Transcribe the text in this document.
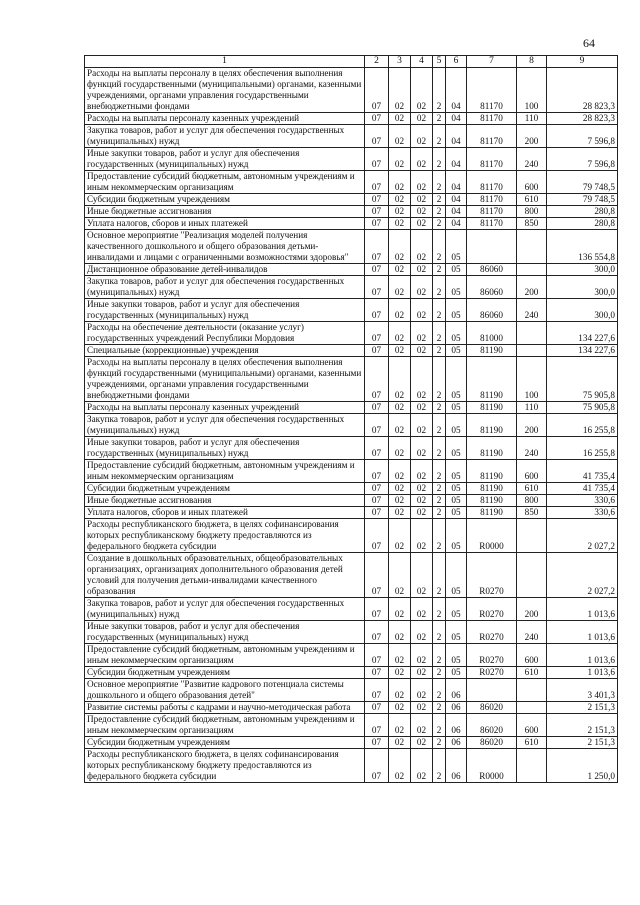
64
1	2	3	4	5	6	7	8	9
Расходы на выплаты персоналу в целях обеспечения выполнения функций государственными (муниципальными) органами, казенными учреждениями, органами управления государственными внебюджетными фондами	07	02	02	2	04	81170	100	28 823,3
Расходы на выплаты персоналу казенных учреждений	07	02	02	2	04	81170	110	28 823,3
Закупка товаров, работ и услуг для обеспечения государственных (муниципальных) нужд	07	02	02	2	04	81170	200	7 596,8
Иные закупки товаров, работ и услуг для обеспечения государственных (муниципальных) нужд	07	02	02	2	04	81170	240	7 596,8
Предоставление субсидий бюджетным, автономным учреждениям и иным некоммерческим организациям	07	02	02	2	04	81170	600	79 748,5
Субсидии бюджетным учреждениям	07	02	02	2	04	81170	610	79 748,5
Иные бюджетные ассигнования	07	02	02	2	04	81170	800	280,8
Уплата налогов, сборов и иных платежей	07	02	02	2	04	81170	850	280,8
Основное мероприятие "Реализация моделей получения качественного дошкольного и общего образования детьми-инвалидами и лицами с ограниченными возможностями здоровья"	07	02	02	2	05			136 554,8
Дистанционное образование детей-инвалидов	07	02	02	2	05	86060		300,0
Закупка товаров, работ и услуг для обеспечения государственных (муниципальных) нужд	07	02	02	2	05	86060	200	300,0
Иные закупки товаров, работ и услуг для обеспечения государственных (муниципальных) нужд	07	02	02	2	05	86060	240	300,0
Расходы на обеспечение деятельности (оказание услуг) государственных учреждений Республики Мордовия	07	02	02	2	05	81000		134 227,6
Специальные (коррекционные) учреждения	07	02	02	2	05	81190		134 227,6
Расходы на выплаты персоналу в целях обеспечения выполнения функций государственными (муниципальными) органами, казенными учреждениями, органами управления государственными внебюджетными фондами	07	02	02	2	05	81190	100	75 905,8
Расходы на выплаты персоналу казенных учреждений	07	02	02	2	05	81190	110	75 905,8
Закупка товаров, работ и услуг для обеспечения государственных (муниципальных) нужд	07	02	02	2	05	81190	200	16 255,8
Иные закупки товаров, работ и услуг для обеспечения государственных (муниципальных) нужд	07	02	02	2	05	81190	240	16 255,8
Предоставление субсидий бюджетным, автономным учреждениям и иным некоммерческим организациям	07	02	02	2	05	81190	600	41 735,4
Субсидии бюджетным учреждениям	07	02	02	2	05	81190	610	41 735,4
Иные бюджетные ассигнования	07	02	02	2	05	81190	800	330,6
Уплата налогов, сборов и иных платежей	07	02	02	2	05	81190	850	330,6
Расходы республиканского бюджета, в целях софинансирования которых республиканскому бюджету предоставляются из федерального бюджета субсидии	07	02	02	2	05	R0000		2 027,2
Создание в дошкольных образовательных, общеобразовательных организациях, организациях дополнительного образования детей условий для получения детьми-инвалидами качественного образования	07	02	02	2	05	R0270		2 027,2
Закупка товаров, работ и услуг для обеспечения государственных (муниципальных) нужд	07	02	02	2	05	R0270	200	1 013,6
Иные закупки товаров, работ и услуг для обеспечения государственных (муниципальных) нужд	07	02	02	2	05	R0270	240	1 013,6
Предоставление субсидий бюджетным, автономным учреждениям и иным некоммерческим организациям	07	02	02	2	05	R0270	600	1 013,6
Субсидии бюджетным учреждениям	07	02	02	2	05	R0270	610	1 013,6
Основное мероприятие "Развитие кадрового потенциала системы дошкольного и общего образования детей"	07	02	02	2	06			3 401,3
Развитие системы работы с кадрами и научно-методическая работа	07	02	02	2	06	86020		2 151,3
Предоставление субсидий бюджетным, автономным учреждениям и иным некоммерческим организациям	07	02	02	2	06	86020	600	2 151,3
Субсидии бюджетным учреждениям	07	02	02	2	06	86020	610	2 151,3
Расходы республиканского бюджета, в целях софинансирования которых республиканскому бюджету предоставляются из федерального бюджета субсидии	07	02	02	2	06	R0000		1 250,0
